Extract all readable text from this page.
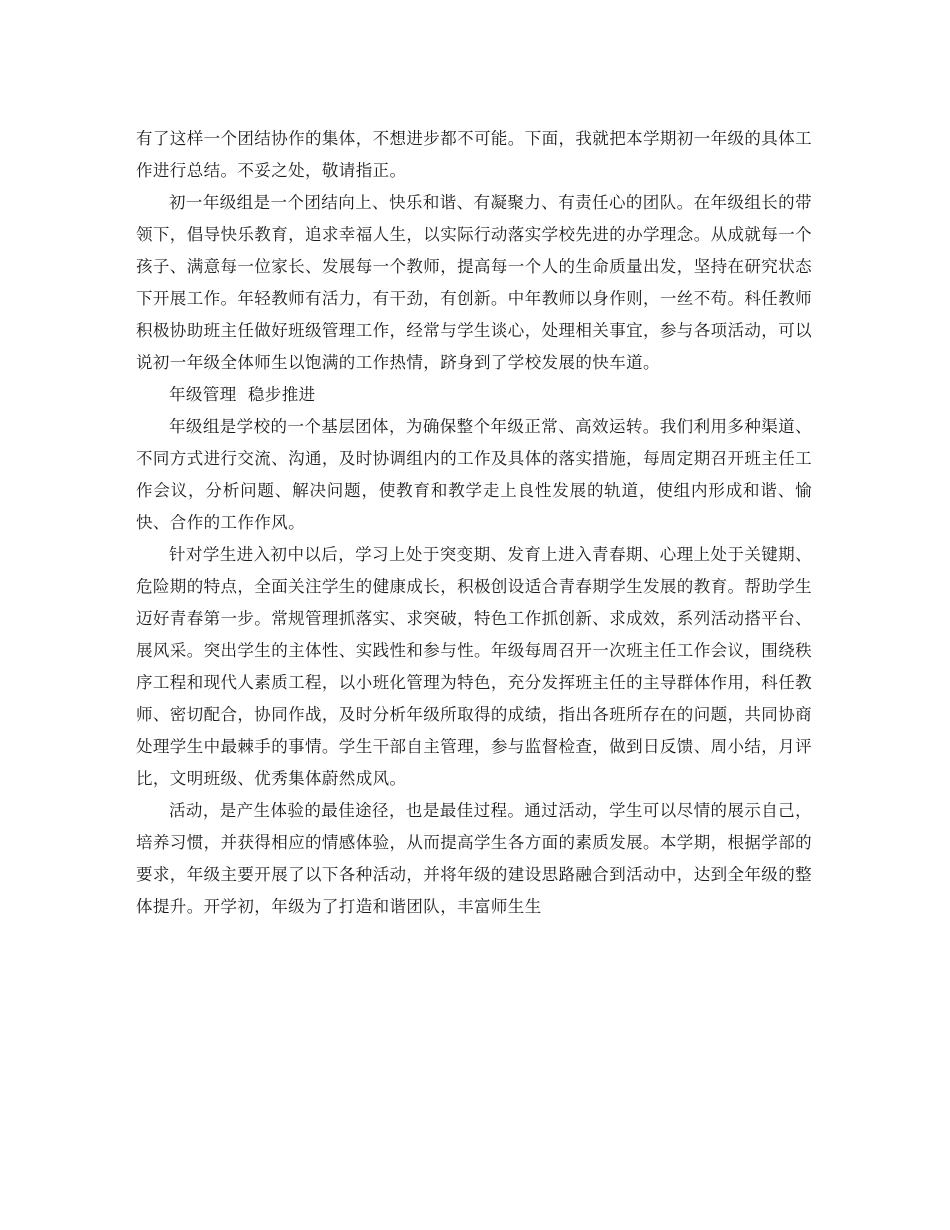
有了这样一个团结协作的集体，不想进步都不可能。下面，我就把本学期初一年级的具体工作进行总结。不妥之处，敬请指正。

初一年级组是一个团结向上、快乐和谐、有凝聚力、有责任心的团队。在年级组长的带领下，倡导快乐教育，追求幸福人生，以实际行动落实学校先进的办学理念。从成就每一个孩子、满意每一位家长、发展每一个教师，提高每一个人的生命质量出发，坚持在研究状态下开展工作。年轻教师有活力，有干劲，有创新。中年教师以身作则，一丝不苟。科任教师积极协助班主任做好班级管理工作，经常与学生谈心，处理相关事宜，参与各项活动，可以说初一年级全体师生以饱满的工作热情，跻身到了学校发展的快车道。

年级管理  稳步推进

年级组是学校的一个基层团体，为确保整个年级正常、高效运转。我们利用多种渠道、不同方式进行交流、沟通，及时协调组内的工作及具体的落实措施，每周定期召开班主任工作会议，分析问题、解决问题，使教育和教学走上良性发展的轨道，使组内形成和谐、愉快、合作的工作作风。

针对学生进入初中以后，学习上处于突变期、发育上进入青春期、心理上处于关键期、危险期的特点，全面关注学生的健康成长，积极创设适合青春期学生发展的教育。帮助学生迈好青春第一步。常规管理抓落实、求突破，特色工作抓创新、求成效，系列活动搭平台、展风采。突出学生的主体性、实践性和参与性。年级每周召开一次班主任工作会议，围绕秩序工程和现代人素质工程，以小班化管理为特色，充分发挥班主任的主导群体作用，科任教师、密切配合，协同作战，及时分析年级所取得的成绩，指出各班所存在的问题，共同协商处理学生中最棘手的事情。学生干部自主管理，参与监督检查，做到日反馈、周小结，月评比，文明班级、优秀集体蔚然成风。

活动，是产生体验的最佳途径，也是最佳过程。通过活动，学生可以尽情的展示自己，培养习惯，并获得相应的情感体验，从而提高学生各方面的素质发展。本学期，根据学部的要求，年级主要开展了以下各种活动，并将年级的建设思路融合到活动中，达到全年级的整体提升。开学初，年级为了打造和谐团队，丰富师生生
